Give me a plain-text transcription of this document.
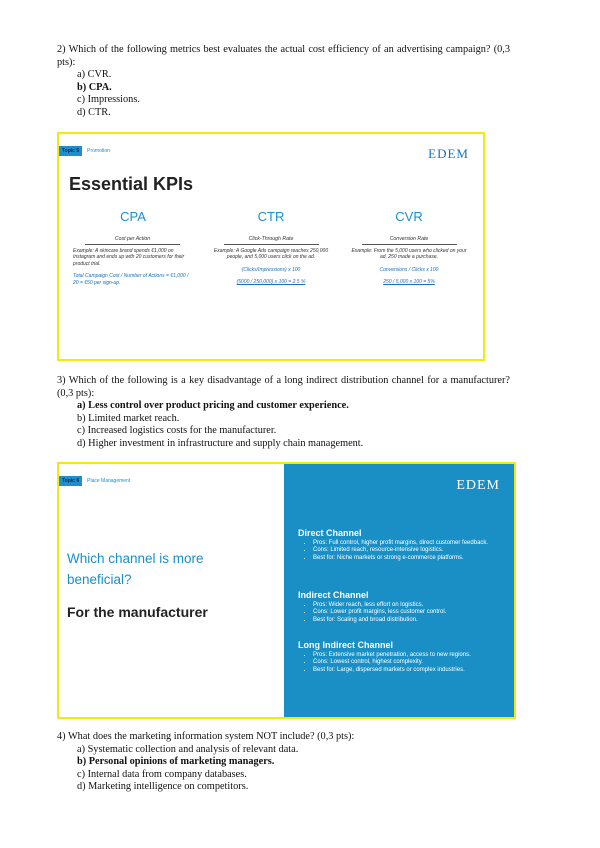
2) Which of the following metrics best evaluates the actual cost efficiency of an advertising campaign? (0,3 pts):
a) CVR.
b) CPA.
c) Impressions.
d) CTR.
Topic 5	Promotion	EDEM
Essential KPIs
CPA
Cost per Action
Example: A skincare brand spends €1,000 on Instagram and ends up with 20 customers for their product trial.
Total Campaign Cost / Number of Actions = €1,000 / 20 = €50 per sign-up.
CTR
Click-Through Rate
Example: A Google Ads campaign reaches 250,000 people, and 5,000 users click on the ad.
(Clicks/Impressions) x 100
(5000 / 250,000) x 100 = 2.5 %
CVR
Conversion Rate
Example: From the 5,000 users who clicked on your ad, 250 made a purchase.
Conversions / Clicks x 100
250 / 5,000 x 100 = 5%
3) Which of the following is a key disadvantage of a long indirect distribution channel for a manufacturer? (0,3 pts):
a) Less control over product pricing and customer experience.
b) Limited market reach.
c) Increased logistics costs for the manufacturer.
d) Higher investment in infrastructure and supply chain management.
Topic 6	Place Management
Which channel is more beneficial?
For the manufacturer
EDEM
Direct Channel
• Pros: Full control, higher profit margins, direct customer feedback.
• Cons: Limited reach, resource-intensive logistics.
• Best for: Niche markets or strong e-commerce platforms.
Indirect Channel
• Pros: Wider reach, less effort on logistics.
• Cons: Lower profit margins, less customer control.
• Best for: Scaling and broad distribution.
Long Indirect Channel
• Pros: Extensive market penetration, access to new regions.
• Cons: Lowest control, highest complexity.
• Best for: Large, dispersed markets or complex industries.
4) What does the marketing information system NOT include? (0,3 pts):
a) Systematic collection and analysis of relevant data.
b) Personal opinions of marketing managers.
c) Internal data from company databases.
d) Marketing intelligence on competitors.
